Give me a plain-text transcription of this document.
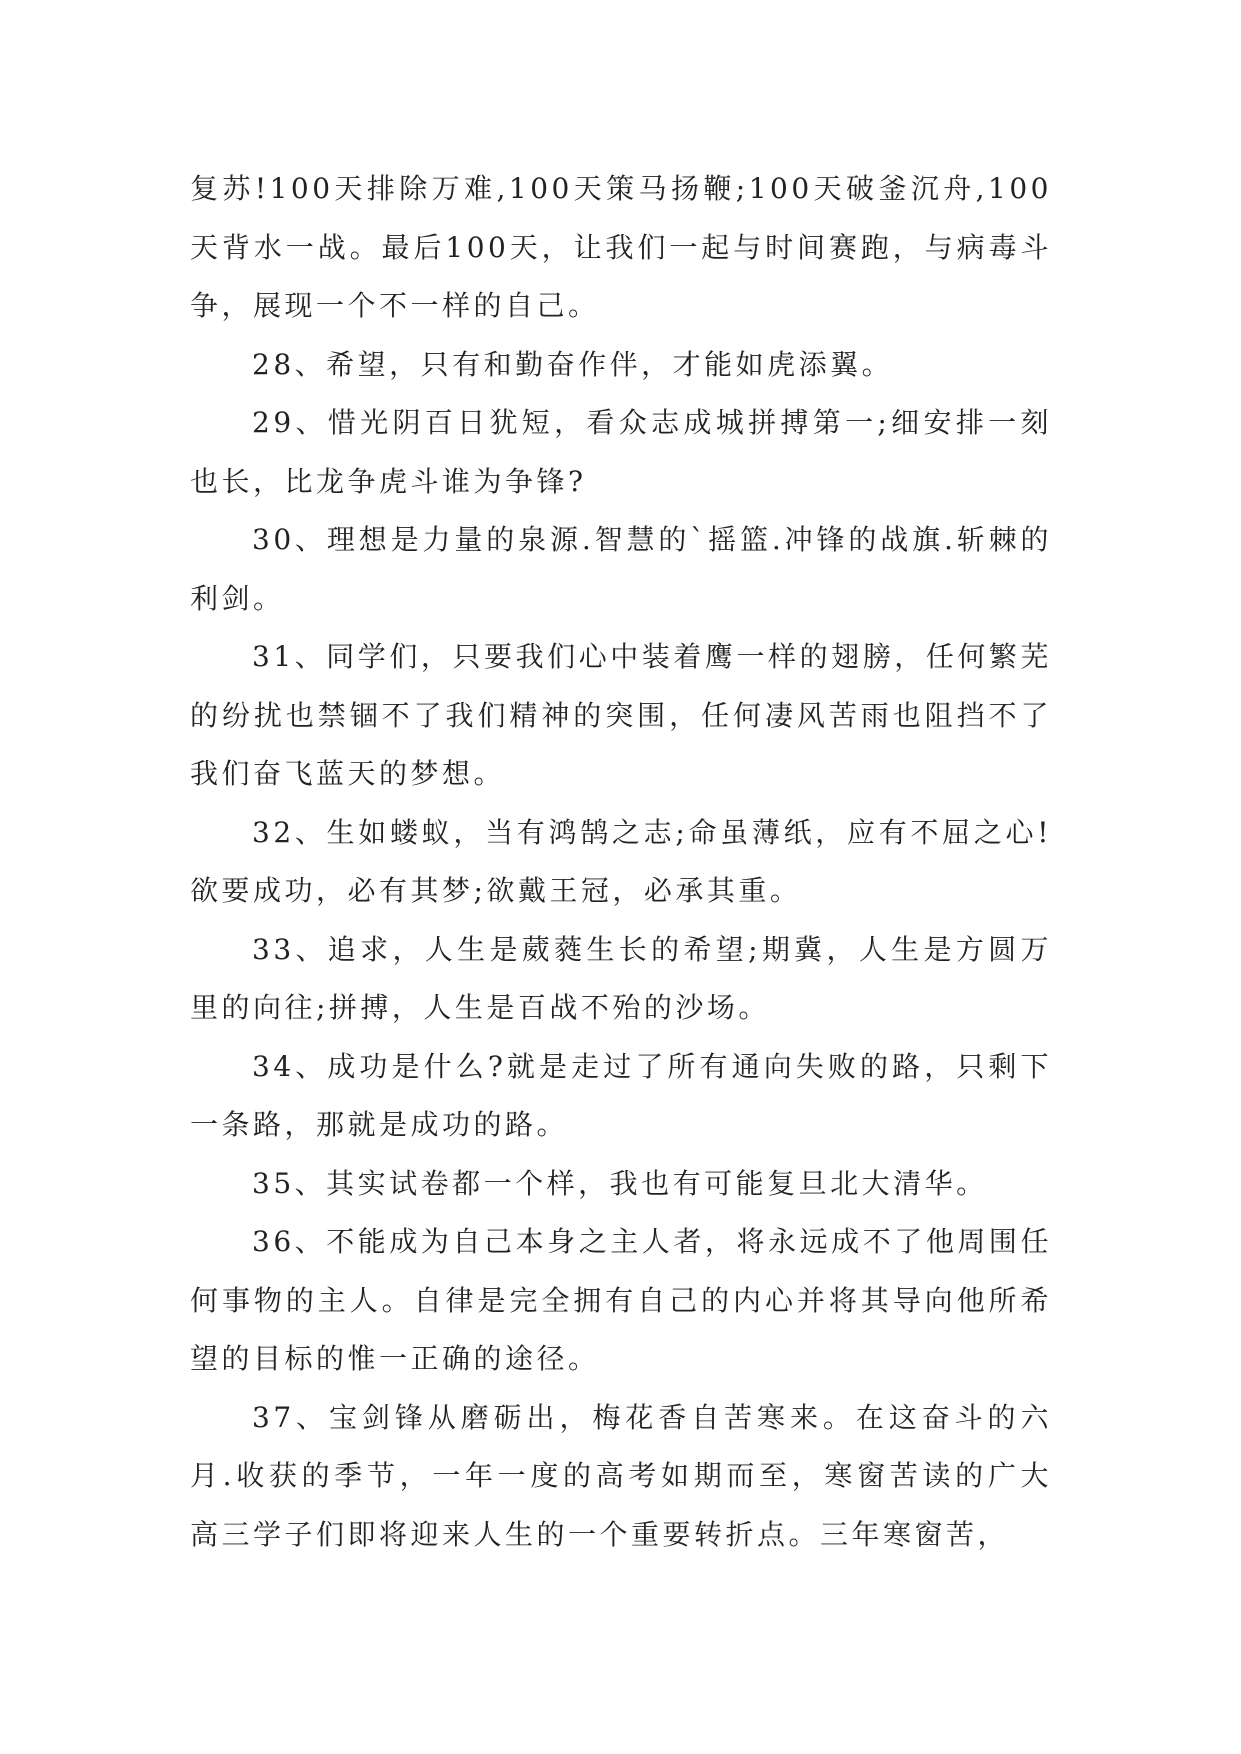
复苏!100天排除万难,100天策马扬鞭;100天破釜沉舟,100天背水一战。最后100天，让我们一起与时间赛跑，与病毒斗争，展现一个不一样的自己。

28、希望，只有和勤奋作伴，才能如虎添翼。

29、惜光阴百日犹短，看众志成城拼搏第一;细安排一刻也长，比龙争虎斗谁为争锋?

30、理想是力量的泉源.智慧的`摇篮.冲锋的战旗.斩棘的利剑。

31、同学们，只要我们心中装着鹰一样的翅膀，任何繁芜的纷扰也禁锢不了我们精神的突围，任何凄风苦雨也阻挡不了我们奋飞蓝天的梦想。

32、生如蝼蚁，当有鸿鹄之志;命虽薄纸，应有不屈之心!欲要成功，必有其梦;欲戴王冠，必承其重。

33、追求，人生是葳蕤生长的希望;期冀，人生是方圆万里的向往;拼搏，人生是百战不殆的沙场。

34、成功是什么?就是走过了所有通向失败的路，只剩下一条路，那就是成功的路。

35、其实试卷都一个样，我也有可能复旦北大清华。

36、不能成为自己本身之主人者，将永远成不了他周围任何事物的主人。自律是完全拥有自己的内心并将其导向他所希望的目标的惟一正确的途径。

37、宝剑锋从磨砺出，梅花香自苦寒来。在这奋斗的六月.收获的季节，一年一度的高考如期而至，寒窗苦读的广大高三学子们即将迎来人生的一个重要转折点。三年寒窗苦，
